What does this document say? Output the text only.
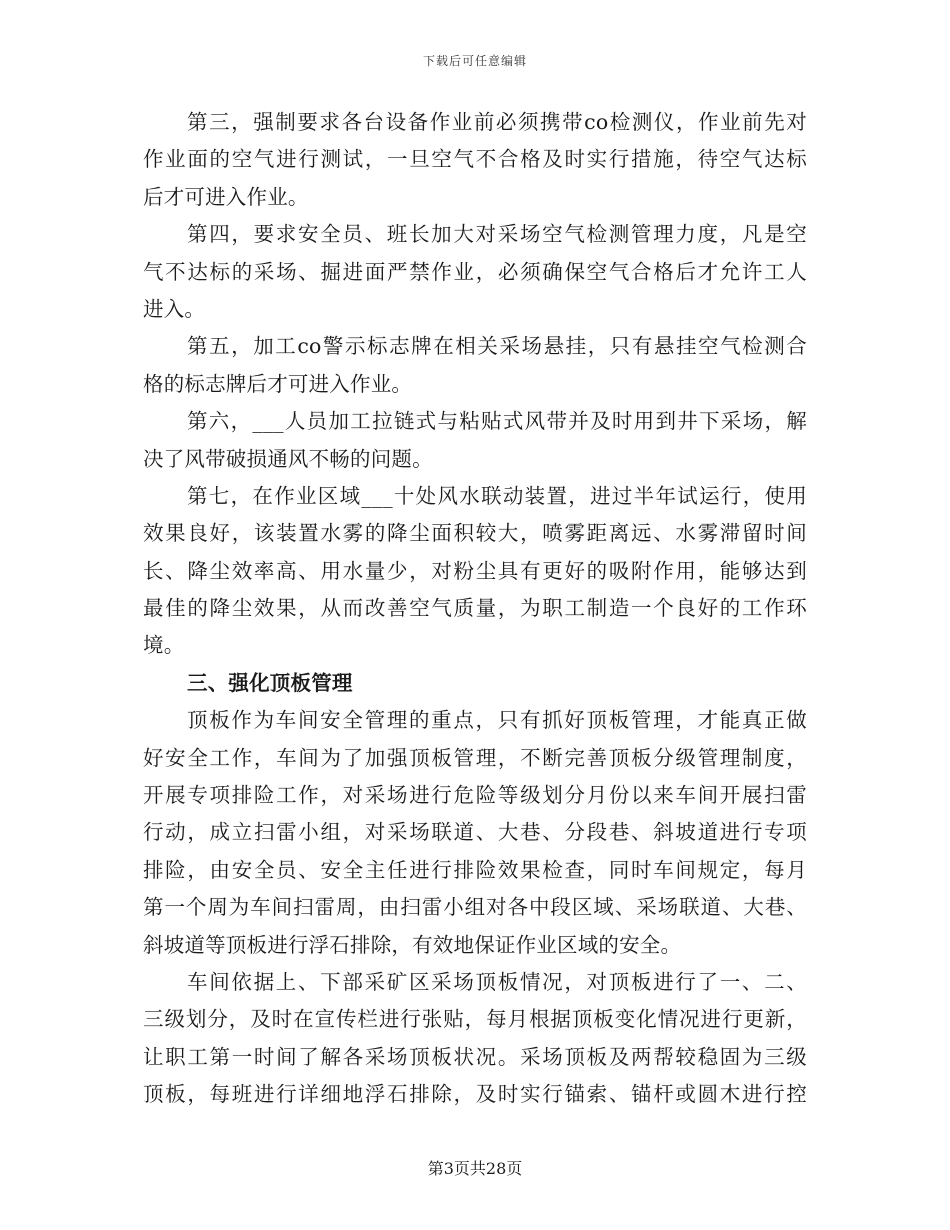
下载后可任意编辑
第三，强制要求各台设备作业前必须携带co检测仪，作业前先对
作业面的空气进行测试，一旦空气不合格及时实行措施，待空气达标
后才可进入作业。
第四，要求安全员、班长加大对采场空气检测管理力度，凡是空
气不达标的采场、掘进面严禁作业，必须确保空气合格后才允许工人
进入。
第五，加工co警示标志牌在相关采场悬挂，只有悬挂空气检测合
格的标志牌后才可进入作业。
第六，___人员加工拉链式与粘贴式风带并及时用到井下采场，解
决了风带破损通风不畅的问题。
第七，在作业区域___十处风水联动装置，进过半年试运行，使用
效果良好，该装置水雾的降尘面积较大，喷雾距离远、水雾滞留时间
长、降尘效率高、用水量少，对粉尘具有更好的吸附作用，能够达到
最佳的降尘效果，从而改善空气质量，为职工制造一个良好的工作环
境。
三、强化顶板管理
顶板作为车间安全管理的重点，只有抓好顶板管理，才能真正做
好安全工作，车间为了加强顶板管理，不断完善顶板分级管理制度，
开展专项排险工作，对采场进行危险等级划分月份以来车间开展扫雷
行动，成立扫雷小组，对采场联道、大巷、分段巷、斜坡道进行专项
排险，由安全员、安全主任进行排险效果检查，同时车间规定，每月
第一个周为车间扫雷周，由扫雷小组对各中段区域、采场联道、大巷、
斜坡道等顶板进行浮石排除，有效地保证作业区域的安全。
车间依据上、下部采矿区采场顶板情况，对顶板进行了一、二、
三级划分，及时在宣传栏进行张贴，每月根据顶板变化情况进行更新，
让职工第一时间了解各采场顶板状况。采场顶板及两帮较稳固为三级
顶板，每班进行详细地浮石排除，及时实行锚索、锚杆或圆木进行控
第3页共28页
